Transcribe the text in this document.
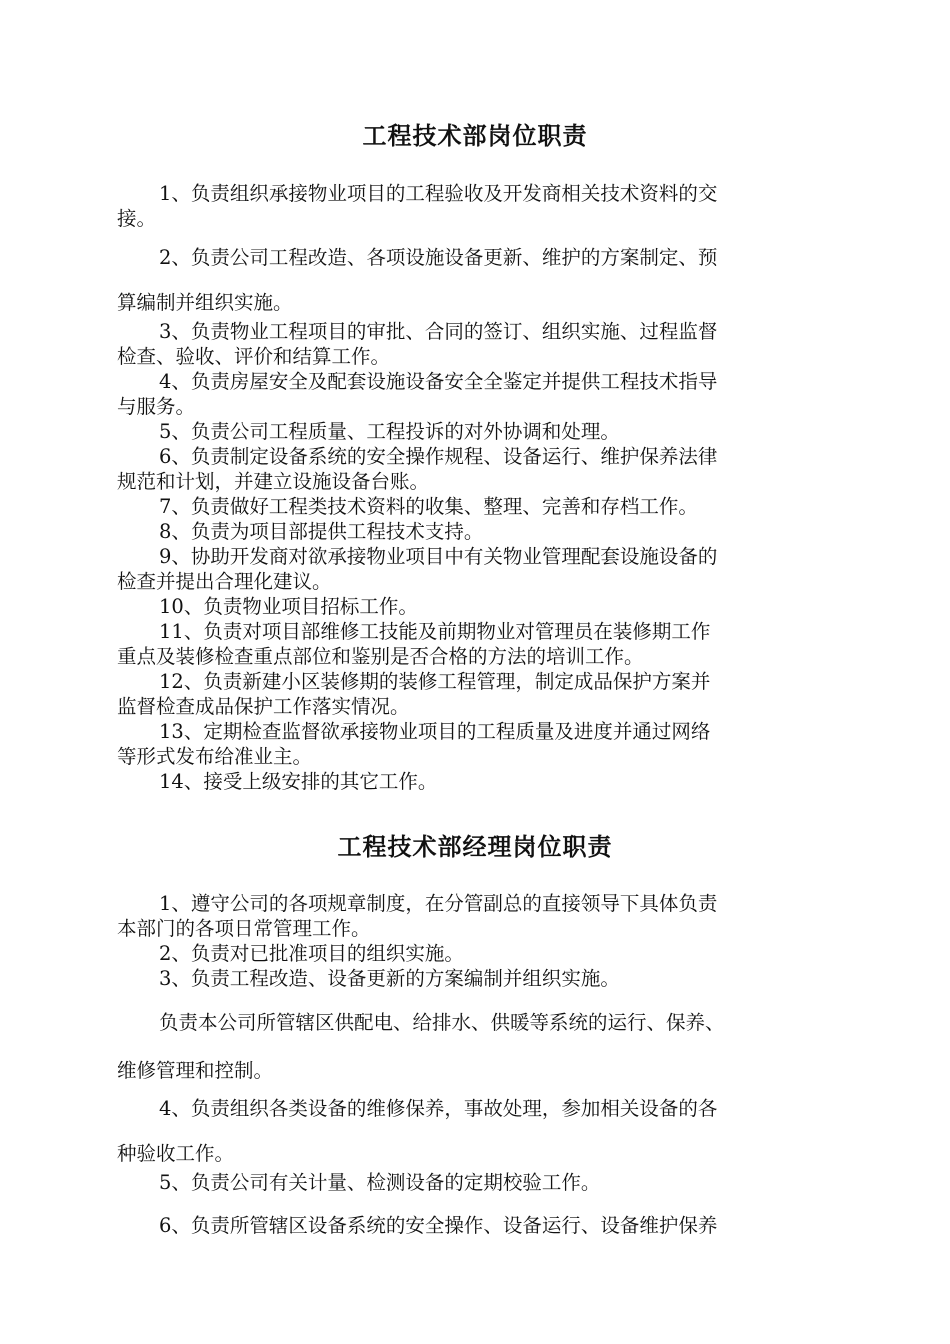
工程技术部岗位职责

1、负责组织承接物业项目的工程验收及开发商相关技术资料的交
接。

2、负责公司工程改造、各项设施设备更新、维护的方案制定、预
算编制并组织实施。

3、负责物业工程项目的审批、合同的签订、组织实施、过程监督
检查、验收、评价和结算工作。

4、负责房屋安全及配套设施设备安全全鉴定并提供工程技术指导
与服务。

5、负责公司工程质量、工程投诉的对外协调和处理。

6、负责制定设备系统的安全操作规程、设备运行、维护保养法律
规范和计划，并建立设施设备台账。

7、负责做好工程类技术资料的收集、整理、完善和存档工作。

8、负责为项目部提供工程技术支持。

9、协助开发商对欲承接物业项目中有关物业管理配套设施设备的
检查并提出合理化建议。

10、负责物业项目招标工作。

11、负责对项目部维修工技能及前期物业对管理员在装修期工作
重点及装修检查重点部位和鉴别是否合格的方法的培训工作。

12、负责新建小区装修期的装修工程管理，制定成品保护方案并
监督检查成品保护工作落实情况。

13、定期检查监督欲承接物业项目的工程质量及进度并通过网络
等形式发布给准业主。

14、接受上级安排的其它工作。

工程技术部经理岗位职责

1、遵守公司的各项规章制度，在分管副总的直接领导下具体负责
本部门的各项日常管理工作。

2、负责对已批准项目的组织实施。

3、负责工程改造、设备更新的方案编制并组织实施。

负责本公司所管辖区供配电、给排水、供暖等系统的运行、保养、
维修管理和控制。

4、负责组织各类设备的维修保养，事故处理，参加相关设备的各
种验收工作。

5、负责公司有关计量、检测设备的定期校验工作。

6、负责所管辖区设备系统的安全操作、设备运行、设备维护保养
